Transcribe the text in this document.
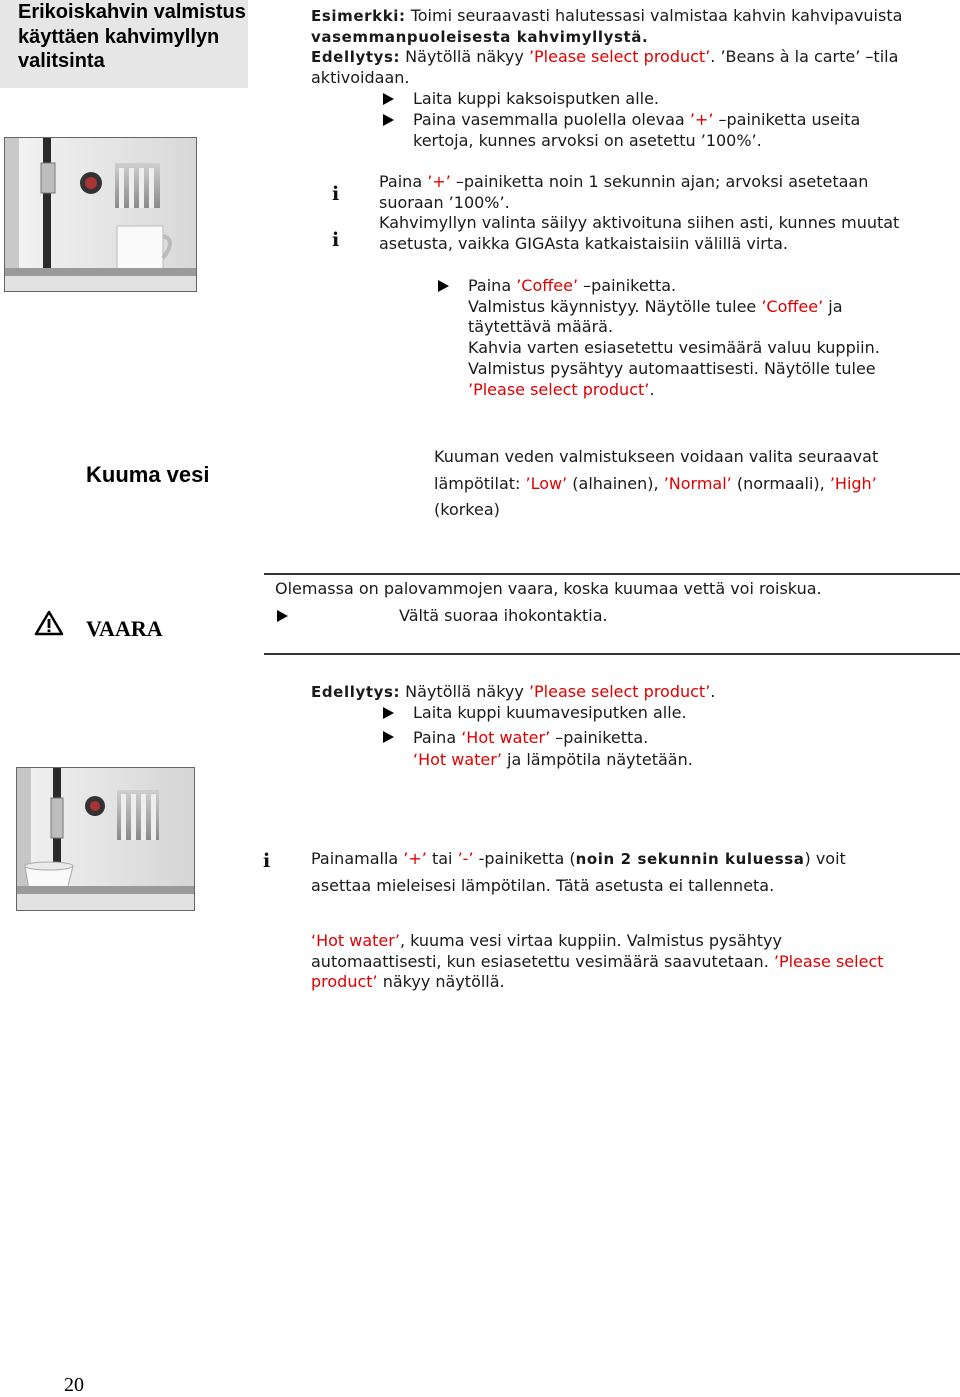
Erikoiskahvin valmistus käyttäen kahvimyllyn valitsinta
Esimerkki: Toimi seuraavasti halutessasi valmistaa kahvin kahvipavuista
vasemmanpuoleisesta kahvimyllystä.
Edellytys: Näytöllä näkyy ’Please select product’. ’Beans à la carte’ –tila
aktivoidaan.
Laita kuppi kaksoisputken alle.
Paina vasemmalla puolella olevaa ’+’ –painiketta useita
kertoja, kunnes arvoksi on asetettu ’100%’.
i
i
Paina ’+’ –painiketta noin 1 sekunnin ajan; arvoksi asetetaan
suoraan ’100%’.
Kahvimyllyn valinta säilyy aktivoituna siihen asti, kunnes muutat
asetusta, vaikka GIGAsta katkaistaisiin välillä virta.
Paina ’Coffee’ –painiketta.
Valmistus käynnistyy. Näytölle tulee ’Coffee’ ja
täytettävä määrä.
Kahvia varten esiasetettu vesimäärä valuu kuppiin.
Valmistus pysähtyy automaattisesti. Näytölle tulee
’Please select product’.
Kuuma vesi
Kuuman veden valmistukseen voidaan valita seuraavat
lämpötilat: ’Low’ (alhainen), ’Normal’ (normaali), ’High’
(korkea)
VAARA
Olemassa on palovammojen vaara, koska kuumaa vettä voi roiskua.
Vältä suoraa ihokontaktia.
Edellytys: Näytöllä näkyy ’Please select product’.
Laita kuppi kuumavesiputken alle.
Paina ‘Hot water’ –painiketta.
‘Hot water’ ja lämpötila näytetään.
i	Painamalla ’+’ tai ’-’ -painiketta (noin 2 sekunnin kuluessa) voit
asettaa mieleisesi lämpötilan. Tätä asetusta ei tallenneta.
‘Hot water’, kuuma vesi virtaa kuppiin. Valmistus pysähtyy
automaattisesti, kun esiasetettu vesimäärä saavutetaan. ’Please select
product’ näkyy näytöllä.
20
